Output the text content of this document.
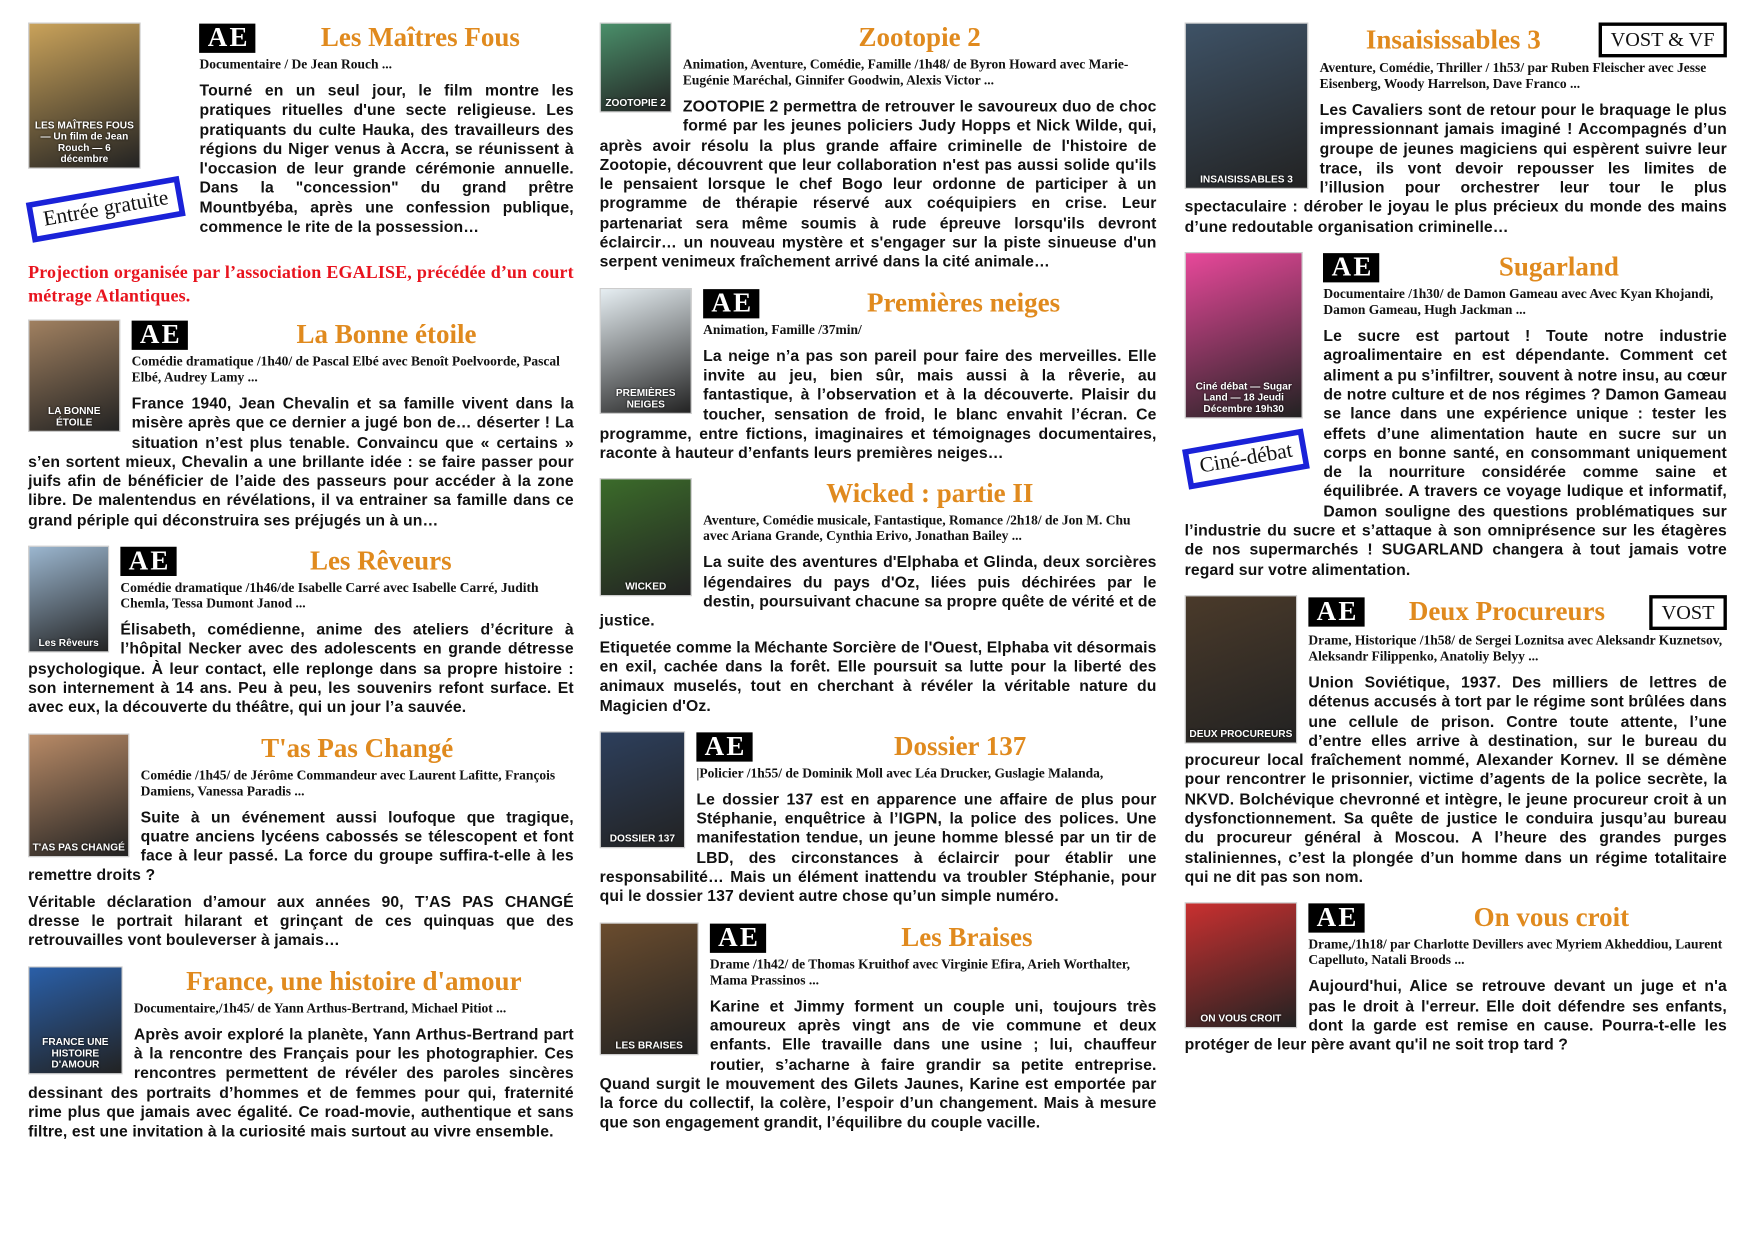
LES MAÎTRES FOUS — Un film de Jean Rouch — 6 décembre
Entrée gratuite
A E	Les Maîtres Fous
Documentaire / De Jean Rouch ...

Tourné en un seul jour, le film montre les pratiques rituelles d'une secte religieuse. Les pratiquants du culte Hauka, des travailleurs des régions du Niger venus à Accra, se réunissent à l'occasion de leur grande cérémonie annuelle. Dans la "concession" du grand prêtre Mountbyéba, après une confession publique, commence le rite de la possession…

Projection organisée par l’association EGALISE, précédée d’un court métrage Atlantiques.

LA BONNE ÉTOILE
A E	La Bonne étoile
Comédie dramatique /1h40/ de Pascal Elbé avec Benoît Poelvoorde, Pascal Elbé, Audrey Lamy ...

France 1940, Jean Chevalin et sa famille vivent dans la misère après que ce dernier a jugé bon de… déserter ! La situation n’est plus tenable. Convaincu que « certains » s’en sortent mieux, Chevalin a une brillante idée : se faire passer pour juifs afin de bénéficier de l’aide des passeurs pour accéder à la zone libre. De malentendus en révélations, il va entrainer sa famille dans ce grand périple qui déconstruira ses préjugés un à un…

Les Rêveurs
A E	Les Rêveurs
Comédie dramatique /1h46/de Isabelle Carré avec Isabelle Carré, Judith Chemla, Tessa Dumont Janod ...

Élisabeth, comédienne, anime des ateliers d’écriture à l’hôpital Necker avec des adolescents en grande détresse psychologique. À leur contact, elle replonge dans sa propre histoire : son internement à 14 ans. Peu à peu, les souvenirs refont surface. Et avec eux, la découverte du théâtre, qui un jour l’a sauvée.

T'AS PAS CHANGÉ
T'as Pas Changé
Comédie /1h45/ de Jérôme Commandeur avec Laurent Lafitte, François Damiens, Vanessa Paradis ...

Suite à un événement aussi loufoque que tragique, quatre anciens lycéens cabossés se télescopent et font face à leur passé. La force du groupe suffira-t-elle à les remettre droits ?

Véritable déclaration d’amour aux années 90, T’AS PAS CHANGÉ dresse le portrait hilarant et grinçant de ces quinquas que des retrouvailles vont bouleverser à jamais…

FRANCE UNE HISTOIRE D'AMOUR
France, une histoire d'amour
Documentaire,/1h45/ de Yann Arthus-Bertrand, Michael Pitiot ...

Après avoir exploré la planète, Yann Arthus-Bertrand part à la rencontre des Français pour les photographier. Ces rencontres permettent de révéler des paroles sincères dessinant des portraits d’hommes et de femmes pour qui, fraternité rime plus que jamais avec égalité. Ce road-movie, authentique et sans filtre, est une invitation à la curiosité mais surtout au vivre ensemble.

ZOOTOPIE 2
Zootopie 2
Animation, Aventure, Comédie, Famille /1h48/ de Byron Howard avec Marie-Eugénie Maréchal, Ginnifer Goodwin, Alexis Victor ...

ZOOTOPIE 2 permettra de retrouver le savoureux duo de choc formé par les jeunes policiers Judy Hopps et Nick Wilde, qui, après avoir résolu la plus grande affaire criminelle de l'histoire de Zootopie, découvrent que leur collaboration n'est pas aussi solide qu'ils le pensaient lorsque le chef Bogo leur ordonne de participer à un programme de thérapie réservé aux coéquipiers en crise. Leur partenariat sera même soumis à rude épreuve lorsqu'ils devront éclaircir… un nouveau mystère et s'engager sur la piste sinueuse d'un serpent venimeux fraîchement arrivé dans la cité animale…

PREMIÈRES NEIGES
A E	Premières neiges
Animation, Famille /37min/

La neige n’a pas son pareil pour faire des merveilles. Elle invite au jeu, bien sûr, mais aussi à la rêverie, au fantastique, à l’observation et à la découverte. Plaisir du toucher, sensation de froid, le blanc envahit l’écran. Ce programme, entre fictions, imaginaires et témoignages documentaires, raconte à hauteur d’enfants leurs premières neiges…

WICKED
Wicked : partie II
Aventure, Comédie musicale, Fantastique, Romance /2h18/ de Jon M. Chu avec Ariana Grande, Cynthia Erivo, Jonathan Bailey ...

La suite des aventures d'Elphaba et Glinda, deux sorcières légendaires du pays d'Oz, liées puis déchirées par le destin, poursuivant chacune sa propre quête de vérité et de justice.

Etiquetée comme la Méchante Sorcière de l'Ouest, Elphaba vit désormais en exil, cachée dans la forêt. Elle poursuit sa lutte pour la liberté des animaux muselés, tout en cherchant à révéler la véritable nature du Magicien d'Oz.

DOSSIER 137
A E	Dossier 137
|Policier /1h55/ de Dominik Moll avec Léa Drucker, Guslagie Malanda,

Le dossier 137 est en apparence une affaire de plus pour Stéphanie, enquêtrice à l’IGPN, la police des polices. Une manifestation tendue, un jeune homme blessé par un tir de LBD, des circonstances à éclaircir pour établir une responsabilité… Mais un élément inattendu va troubler Stéphanie, pour qui le dossier 137 devient autre chose qu’un simple numéro.

LES BRAISES
A E	Les Braises
Drame /1h42/ de Thomas Kruithof avec Virginie Efira, Arieh Worthalter, Mama Prassinos ...

Karine et Jimmy forment un couple uni, toujours très amoureux après vingt ans de vie commune et deux enfants. Elle travaille dans une usine ; lui, chauffeur routier, s’acharne à faire grandir sa petite entreprise. Quand surgit le mouvement des Gilets Jaunes, Karine est emportée par la force du collectif, la colère, l’espoir d’un changement. Mais à mesure que son engagement grandit, l’équilibre du couple vacille.

INSAISISSABLES 3
Insaisissables 3	VOST & VF
Aventure, Comédie, Thriller / 1h53/ par Ruben Fleischer avec Jesse Eisenberg, Woody Harrelson, Dave Franco ...

Les Cavaliers sont de retour pour le braquage le plus impressionnant jamais imaginé ! Accompagnés d’un groupe de jeunes magiciens qui espèrent suivre leur trace, ils vont devoir repousser les limites de l’illusion pour orchestrer leur tour le plus spectaculaire : dérober le joyau le plus précieux du monde des mains d’une redoutable organisation criminelle…

Ciné débat — Sugar Land — 18 Jeudi Décembre 19h30
Ciné-débat
A E	Sugarland
Documentaire /1h30/ de Damon Gameau avec Avec Kyan Khojandi, Damon Gameau, Hugh Jackman ...

Le sucre est partout ! Toute notre industrie agroalimentaire en est dépendante. Comment cet aliment a pu s’infiltrer, souvent à notre insu, au cœur de notre culture et de nos régimes ? Damon Gameau se lance dans une expérience unique : tester les effets d’une alimentation haute en sucre sur un corps en bonne santé, en consommant uniquement de la nourriture considérée comme saine et équilibrée. A travers ce voyage ludique et informatif, Damon souligne des questions problématiques sur l’industrie du sucre et s’attaque à son omniprésence sur les étagères de nos supermarchés ! SUGARLAND changera à tout jamais votre regard sur votre alimentation.

DEUX PROCUREURS
A E	Deux Procureurs	VOST
Drame, Historique /1h58/ de Sergei Loznitsa avec Aleksandr Kuznetsov, Aleksandr Filippenko, Anatoliy Belyy ...

Union Soviétique, 1937. Des milliers de lettres de détenus accusés à tort par le régime sont brûlées dans une cellule de prison. Contre toute attente, l’une d’entre elles arrive à destination, sur le bureau du procureur local fraîchement nommé, Alexander Kornev. Il se démène pour rencontrer le prisonnier, victime d’agents de la police secrète, la NKVD. Bolchévique chevronné et intègre, le jeune procureur croit à un dysfonctionnement. Sa quête de justice le conduira jusqu’au bureau du procureur général à Moscou. A l’heure des grandes purges staliniennes, c’est la plongée d’un homme dans un régime totalitaire qui ne dit pas son nom.

ON VOUS CROIT
A E	On vous croit
Drame,/1h18/ par Charlotte Devillers avec Myriem Akheddiou, Laurent Capelluto, Natali Broods ...

Aujourd'hui, Alice se retrouve devant un juge et n'a pas le droit à l'erreur. Elle doit défendre ses enfants, dont la garde est remise en cause. Pourra-t-elle les protéger de leur père avant qu'il ne soit trop tard ?
